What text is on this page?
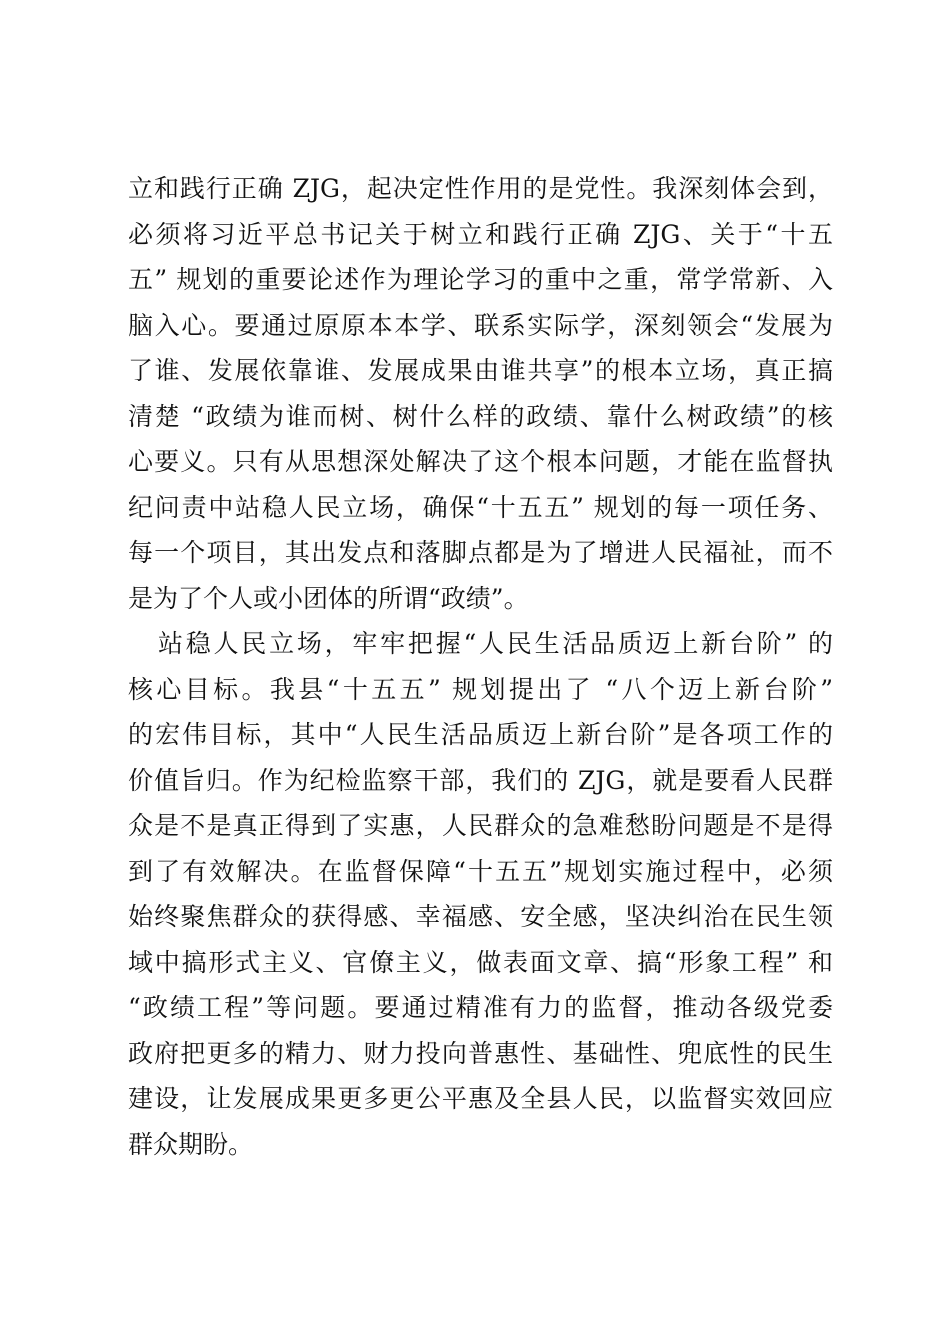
立和践行正确 ZJG，起决定性作用的是党性。我深刻体会到，
必须将习近平总书记关于树立和践行正确 ZJG、关于“十五
五” 规划的重要论述作为理论学习的重中之重，常学常新、入
脑入心。要通过原原本本学、联系实际学，深刻领会“发展为
了谁、发展依靠谁、发展成果由谁共享”的根本立场，真正搞
清楚 “政绩为谁而树、树什么样的政绩、靠什么树政绩”的核
心要义。只有从思想深处解决了这个根本问题，才能在监督执
纪问责中站稳人民立场，确保“十五五” 规划的每一项任务、
每一个项目，其出发点和落脚点都是为了增进人民福祉，而不
是为了个人或小团体的所谓“政绩”。
站稳人民立场，牢牢把握“人民生活品质迈上新台阶” 的
核心目标。我县“十五五” 规划提出了 “八个迈上新台阶”
的宏伟目标，其中“人民生活品质迈上新台阶”是各项工作的
价值旨归。作为纪检监察干部，我们的 ZJG，就是要看人民群
众是不是真正得到了实惠，人民群众的急难愁盼问题是不是得
到了有效解决。在监督保障“十五五”规划实施过程中，必须
始终聚焦群众的获得感、幸福感、安全感，坚决纠治在民生领
域中搞形式主义、官僚主义，做表面文章、搞“形象工程” 和
“政绩工程”等问题。要通过精准有力的监督，推动各级党委
政府把更多的精力、财力投向普惠性、基础性、兜底性的民生
建设，让发展成果更多更公平惠及全县人民，以监督实效回应
群众期盼。
